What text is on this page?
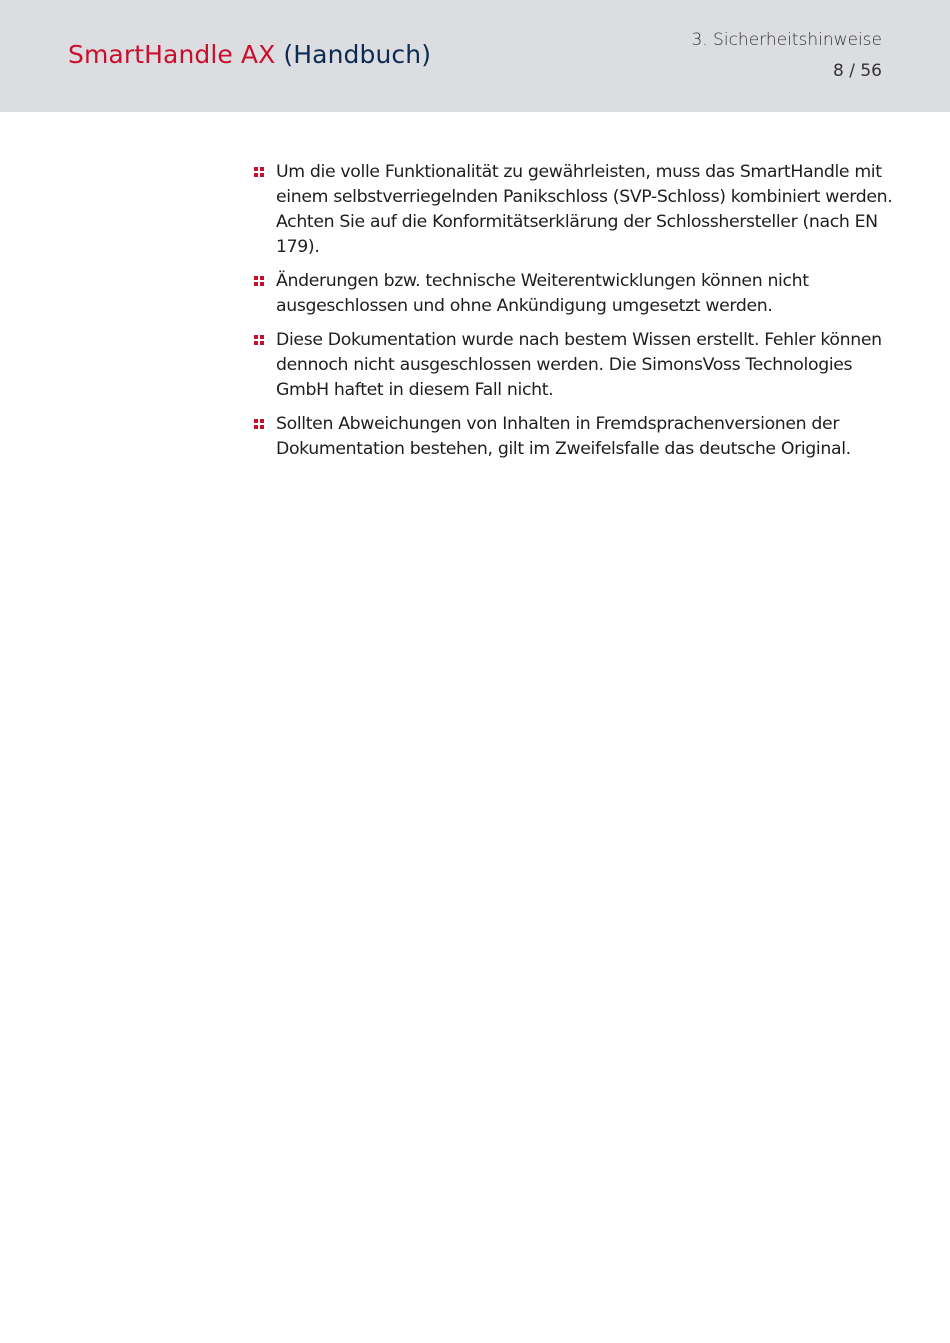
SmartHandle AX (Handbuch)	3. Sicherheitshinweise
8 / 56
Um die volle Funktionalität zu gewährleisten, muss das SmartHandle mit einem selbstverriegelnden Panikschloss (SVP-Schloss) kombiniert werden. Achten Sie auf die Konformitätserklärung der Schlosshersteller (nach EN 179).
Änderungen bzw. technische Weiterentwicklungen können nicht ausgeschlossen und ohne Ankündigung umgesetzt werden.
Diese Dokumentation wurde nach bestem Wissen erstellt. Fehler können dennoch nicht ausgeschlossen werden. Die SimonsVoss Technologies GmbH haftet in diesem Fall nicht.
Sollten Abweichungen von Inhalten in Fremdsprachenversionen der Dokumentation bestehen, gilt im Zweifelsfalle das deutsche Original.
